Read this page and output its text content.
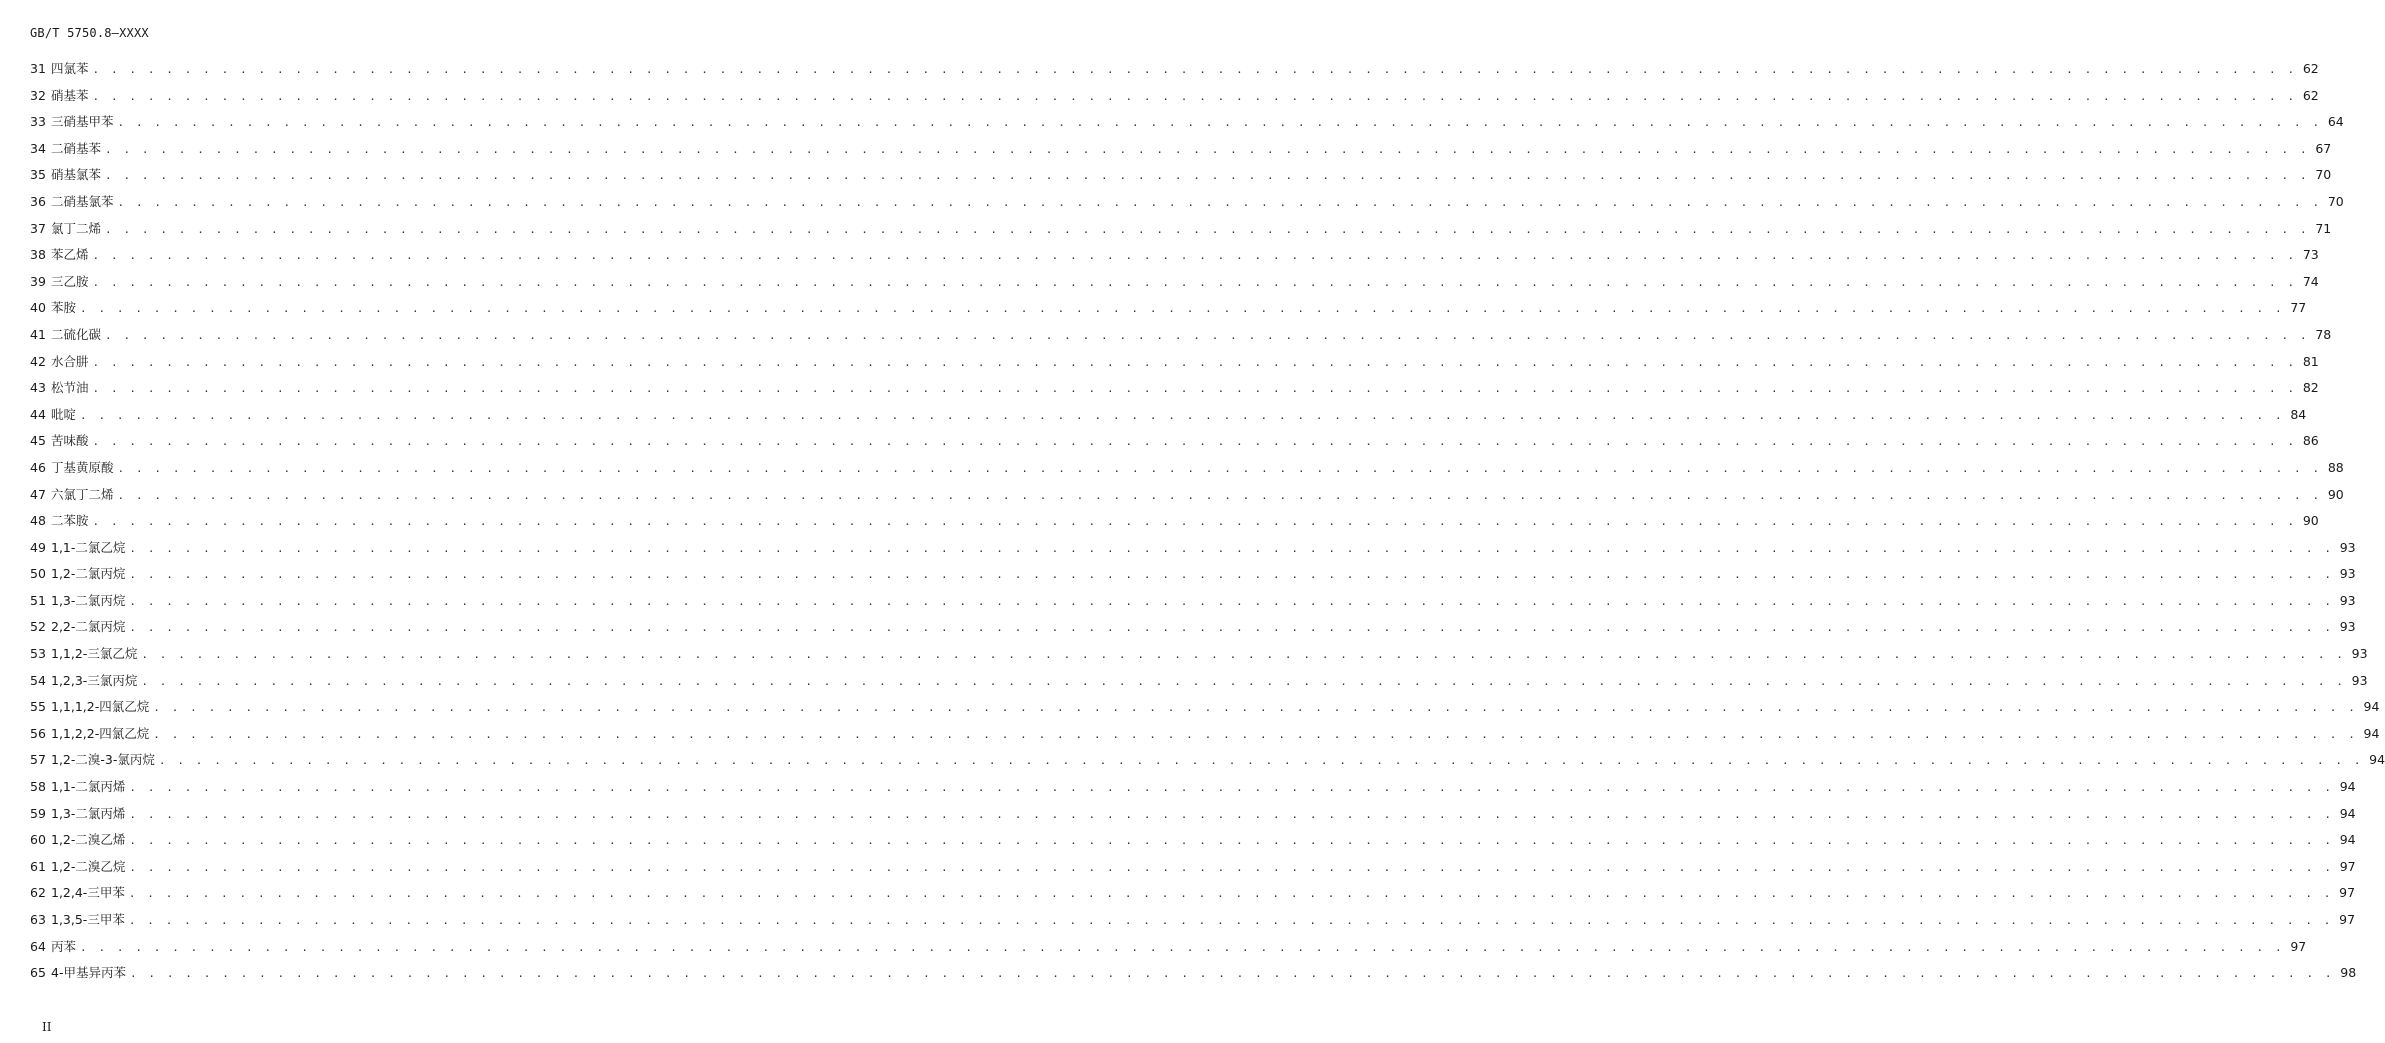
GB/T 5750.8—XXXX
31 四氯苯 . . . . . . . . . . . . . . . . . . . . . . . . . . . . . . . . . . . . . . . . . . . . . . . . . . . . . . . . . . . . . . . . . . . . . . . . . . . . . . . . . . . . . . . . . . . . . . . . . . . . . . . . . . . . . . . . . . . . . . . . 62
32 硝基苯 . . . . . . . . . . . . . . . . . . . . . . . . . . . . . . . . . . . . . . . . . . . . . . . . . . . . . . . . . . . . . . . . . . . . . . . . . . . . . . . . . . . . . . . . . . . . . . . . . . . . . . . . . . . . . . . . . . . . . . . . 62
33 三硝基甲苯 . . . . . . . . . . . . . . . . . . . . . . . . . . . . . . . . . . . . . . . . . . . . . . . . . . . . . . . . . . . . . . . . . . . . . . . . . . . . . . . . . . . . . . . . . . . . . . . . . . . . . . . . . . . . . . . . . . . . . . . . 64
34 二硝基苯 . . . . . . . . . . . . . . . . . . . . . . . . . . . . . . . . . . . . . . . . . . . . . . . . . . . . . . . . . . . . . . . . . . . . . . . . . . . . . . . . . . . . . . . . . . . . . . . . . . . . . . . . . . . . . . . . . . . . . . . . 67
35 硝基氯苯 . . . . . . . . . . . . . . . . . . . . . . . . . . . . . . . . . . . . . . . . . . . . . . . . . . . . . . . . . . . . . . . . . . . . . . . . . . . . . . . . . . . . . . . . . . . . . . . . . . . . . . . . . . . . . . . . . . . . . . . . 70
36 二硝基氯苯 . . . . . . . . . . . . . . . . . . . . . . . . . . . . . . . . . . . . . . . . . . . . . . . . . . . . . . . . . . . . . . . . . . . . . . . . . . . . . . . . . . . . . . . . . . . . . . . . . . . . . . . . . . . . . . . . . . . . . . . . 70
37 氯丁二烯 . . . . . . . . . . . . . . . . . . . . . . . . . . . . . . . . . . . . . . . . . . . . . . . . . . . . . . . . . . . . . . . . . . . . . . . . . . . . . . . . . . . . . . . . . . . . . . . . . . . . . . . . . . . . . . . . . . . . . . . . 71
38 苯乙烯 . . . . . . . . . . . . . . . . . . . . . . . . . . . . . . . . . . . . . . . . . . . . . . . . . . . . . . . . . . . . . . . . . . . . . . . . . . . . . . . . . . . . . . . . . . . . . . . . . . . . . . . . . . . . . . . . . . . . . . . . 73
39 三乙胺 . . . . . . . . . . . . . . . . . . . . . . . . . . . . . . . . . . . . . . . . . . . . . . . . . . . . . . . . . . . . . . . . . . . . . . . . . . . . . . . . . . . . . . . . . . . . . . . . . . . . . . . . . . . . . . . . . . . . . . . . 74
40 苯胺 . . . . . . . . . . . . . . . . . . . . . . . . . . . . . . . . . . . . . . . . . . . . . . . . . . . . . . . . . . . . . . . . . . . . . . . . . . . . . . . . . . . . . . . . . . . . . . . . . . . . . . . . . . . . . . . . . . . . . . . . 77
41 二硫化碳 . . . . . . . . . . . . . . . . . . . . . . . . . . . . . . . . . . . . . . . . . . . . . . . . . . . . . . . . . . . . . . . . . . . . . . . . . . . . . . . . . . . . . . . . . . . . . . . . . . . . . . . . . . . . . . . . . . . . . . . . 78
42 水合肼 . . . . . . . . . . . . . . . . . . . . . . . . . . . . . . . . . . . . . . . . . . . . . . . . . . . . . . . . . . . . . . . . . . . . . . . . . . . . . . . . . . . . . . . . . . . . . . . . . . . . . . . . . . . . . . . . . . . . . . . . 81
43 松节油 . . . . . . . . . . . . . . . . . . . . . . . . . . . . . . . . . . . . . . . . . . . . . . . . . . . . . . . . . . . . . . . . . . . . . . . . . . . . . . . . . . . . . . . . . . . . . . . . . . . . . . . . . . . . . . . . . . . . . . . . 82
44 吡啶 . . . . . . . . . . . . . . . . . . . . . . . . . . . . . . . . . . . . . . . . . . . . . . . . . . . . . . . . . . . . . . . . . . . . . . . . . . . . . . . . . . . . . . . . . . . . . . . . . . . . . . . . . . . . . . . . . . . . . . . . 84
45 苦味酸 . . . . . . . . . . . . . . . . . . . . . . . . . . . . . . . . . . . . . . . . . . . . . . . . . . . . . . . . . . . . . . . . . . . . . . . . . . . . . . . . . . . . . . . . . . . . . . . . . . . . . . . . . . . . . . . . . . . . . . . . 86
46 丁基黄原酸 . . . . . . . . . . . . . . . . . . . . . . . . . . . . . . . . . . . . . . . . . . . . . . . . . . . . . . . . . . . . . . . . . . . . . . . . . . . . . . . . . . . . . . . . . . . . . . . . . . . . . . . . . . . . . . . . . . . . . . . . 88
47 六氯丁二烯 . . . . . . . . . . . . . . . . . . . . . . . . . . . . . . . . . . . . . . . . . . . . . . . . . . . . . . . . . . . . . . . . . . . . . . . . . . . . . . . . . . . . . . . . . . . . . . . . . . . . . . . . . . . . . . . . . . . . . . . . 90
48 二苯胺 . . . . . . . . . . . . . . . . . . . . . . . . . . . . . . . . . . . . . . . . . . . . . . . . . . . . . . . . . . . . . . . . . . . . . . . . . . . . . . . . . . . . . . . . . . . . . . . . . . . . . . . . . . . . . . . . . . . . . . . . 90
49 1,1-二氯乙烷 . . . . . . . . . . . . . . . . . . . . . . . . . . . . . . . . . . . . . . . . . . . . . . . . . . . . . . . . . . . . . . . . . . . . . . . . . . . . . . . . . . . . . . . . . . . . . . . . . . . . . . . . . . . . . . . . . . . . . . . . 93
50 1,2-二氯丙烷 . . . . . . . . . . . . . . . . . . . . . . . . . . . . . . . . . . . . . . . . . . . . . . . . . . . . . . . . . . . . . . . . . . . . . . . . . . . . . . . . . . . . . . . . . . . . . . . . . . . . . . . . . . . . . . . . . . . . . . . . 93
51 1,3-二氯丙烷 . . . . . . . . . . . . . . . . . . . . . . . . . . . . . . . . . . . . . . . . . . . . . . . . . . . . . . . . . . . . . . . . . . . . . . . . . . . . . . . . . . . . . . . . . . . . . . . . . . . . . . . . . . . . . . . . . . . . . . . . 93
52 2,2-二氯丙烷 . . . . . . . . . . . . . . . . . . . . . . . . . . . . . . . . . . . . . . . . . . . . . . . . . . . . . . . . . . . . . . . . . . . . . . . . . . . . . . . . . . . . . . . . . . . . . . . . . . . . . . . . . . . . . . . . . . . . . . . . 93
53 1,1,2-三氯乙烷 . . . . . . . . . . . . . . . . . . . . . . . . . . . . . . . . . . . . . . . . . . . . . . . . . . . . . . . . . . . . . . . . . . . . . . . . . . . . . . . . . . . . . . . . . . . . . . . . . . . . . . . . . . . . . . . . . . . . . . . . 93
54 1,2,3-三氯丙烷 . . . . . . . . . . . . . . . . . . . . . . . . . . . . . . . . . . . . . . . . . . . . . . . . . . . . . . . . . . . . . . . . . . . . . . . . . . . . . . . . . . . . . . . . . . . . . . . . . . . . . . . . . . . . . . . . . . . . . . . . 93
55 1,1,1,2-四氯乙烷 . . . . . . . . . . . . . . . . . . . . . . . . . . . . . . . . . . . . . . . . . . . . . . . . . . . . . . . . . . . . . . . . . . . . . . . . . . . . . . . . . . . . . . . . . . . . . . . . . . . . . . . . . . . . . . . . . . . . . . . . 94
56 1,1,2,2-四氯乙烷 . . . . . . . . . . . . . . . . . . . . . . . . . . . . . . . . . . . . . . . . . . . . . . . . . . . . . . . . . . . . . . . . . . . . . . . . . . . . . . . . . . . . . . . . . . . . . . . . . . . . . . . . . . . . . . . . . . . . . . . . 94
57 1,2-二溴-3-氯丙烷 . . . . . . . . . . . . . . . . . . . . . . . . . . . . . . . . . . . . . . . . . . . . . . . . . . . . . . . . . . . . . . . . . . . . . . . . . . . . . . . . . . . . . . . . . . . . . . . . . . . . . . . . . . . . . . . . . . . . . . . . 94
58 1,1-二氯丙烯 . . . . . . . . . . . . . . . . . . . . . . . . . . . . . . . . . . . . . . . . . . . . . . . . . . . . . . . . . . . . . . . . . . . . . . . . . . . . . . . . . . . . . . . . . . . . . . . . . . . . . . . . . . . . . . . . . . . . . . . . 94
59 1,3-二氯丙烯 . . . . . . . . . . . . . . . . . . . . . . . . . . . . . . . . . . . . . . . . . . . . . . . . . . . . . . . . . . . . . . . . . . . . . . . . . . . . . . . . . . . . . . . . . . . . . . . . . . . . . . . . . . . . . . . . . . . . . . . . 94
60 1,2-二溴乙烯 . . . . . . . . . . . . . . . . . . . . . . . . . . . . . . . . . . . . . . . . . . . . . . . . . . . . . . . . . . . . . . . . . . . . . . . . . . . . . . . . . . . . . . . . . . . . . . . . . . . . . . . . . . . . . . . . . . . . . . . . 94
61 1,2-二溴乙烷 . . . . . . . . . . . . . . . . . . . . . . . . . . . . . . . . . . . . . . . . . . . . . . . . . . . . . . . . . . . . . . . . . . . . . . . . . . . . . . . . . . . . . . . . . . . . . . . . . . . . . . . . . . . . . . . . . . . . . . . . 97
62 1,2,4-三甲苯 . . . . . . . . . . . . . . . . . . . . . . . . . . . . . . . . . . . . . . . . . . . . . . . . . . . . . . . . . . . . . . . . . . . . . . . . . . . . . . . . . . . . . . . . . . . . . . . . . . . . . . . . . . . . . . . . . . . . . . . . 97
63 1,3,5-三甲苯 . . . . . . . . . . . . . . . . . . . . . . . . . . . . . . . . . . . . . . . . . . . . . . . . . . . . . . . . . . . . . . . . . . . . . . . . . . . . . . . . . . . . . . . . . . . . . . . . . . . . . . . . . . . . . . . . . . . . . . . . 97
64 丙苯 . . . . . . . . . . . . . . . . . . . . . . . . . . . . . . . . . . . . . . . . . . . . . . . . . . . . . . . . . . . . . . . . . . . . . . . . . . . . . . . . . . . . . . . . . . . . . . . . . . . . . . . . . . . . . . . . . . . . . . . . 97
65 4-甲基异丙苯 . . . . . . . . . . . . . . . . . . . . . . . . . . . . . . . . . . . . . . . . . . . . . . . . . . . . . . . . . . . . . . . . . . . . . . . . . . . . . . . . . . . . . . . . . . . . . . . . . . . . . . . . . . . . . . . . . . . . . . . . 98
II
